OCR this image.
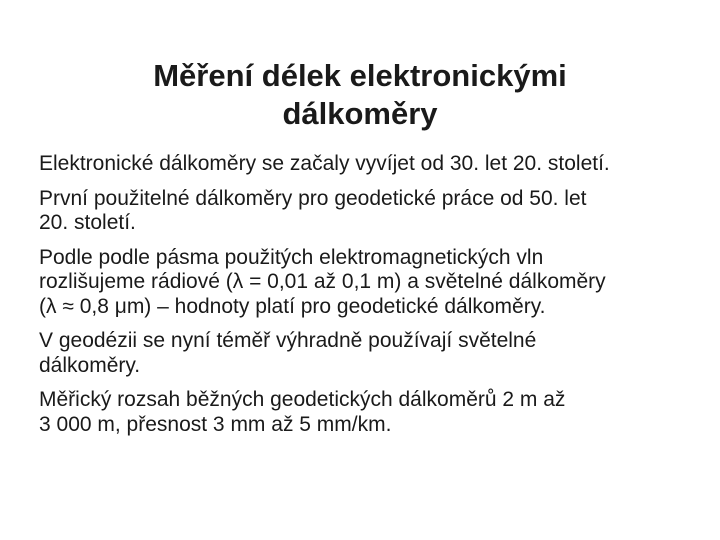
Měření délek elektronickými
dálkoměry
Elektronické dálkoměry se začaly vyvíjet od 30. let 20. století.
První použitelné dálkoměry pro geodetické práce od 50. let
20. století.
Podle podle pásma použitých elektromagnetických vln
rozlišujeme rádiové (λ = 0,01 až 0,1 m) a světelné dálkoměry
(λ ≈ 0,8 μm) – hodnoty platí pro geodetické dálkoměry.
V geodézii se nyní téměř výhradně používají světelné
dálkoměry.
Měřický rozsah běžných geodetických dálkoměrů 2 m až
3 000 m, přesnost 3 mm až 5 mm/km.
